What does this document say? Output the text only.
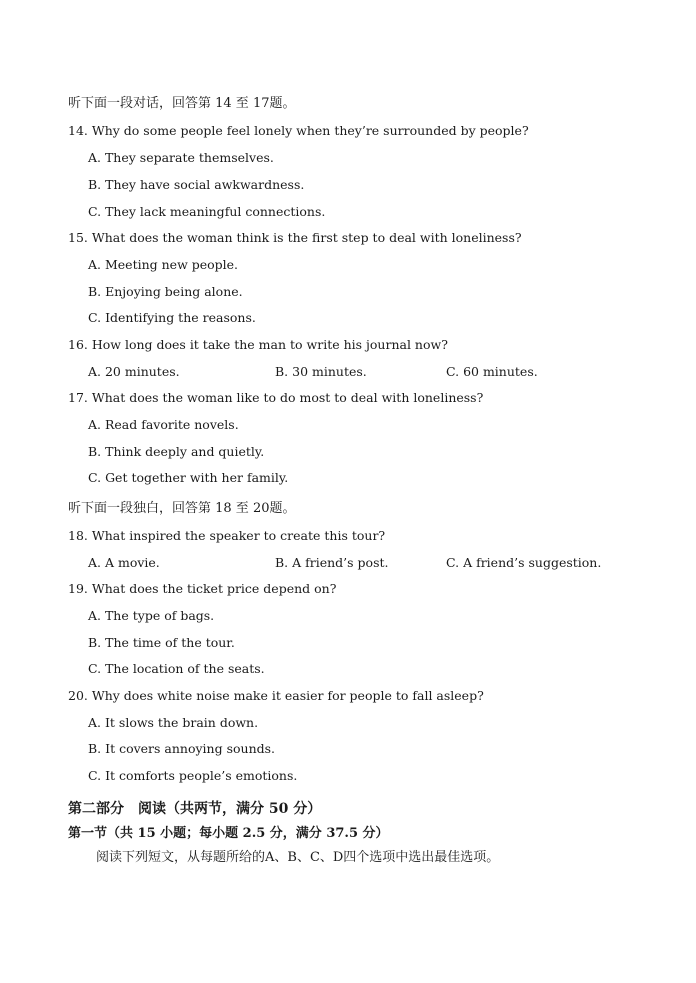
听下面一段对话，回答第 14 至 17题。
14. Why do some people feel lonely when they’re surrounded by people?
A. They separate themselves.
B. They have social awkwardness.
C. They lack meaningful connections.
15. What does the woman think is the first step to deal with loneliness?
A. Meeting new people.
B. Enjoying being alone.
C. Identifying the reasons.
16. How long does it take the man to write his journal now?
A. 20 minutes.	B. 30 minutes.	C. 60 minutes.
17. What does the woman like to do most to deal with loneliness?
A. Read favorite novels.
B. Think deeply and quietly.
C. Get together with her family.
听下面一段独白，回答第 18 至 20题。
18. What inspired the speaker to create this tour?
A. A movie.	B. A friend’s post.	C. A friend’s suggestion.
19. What does the ticket price depend on?
A. The type of bags.
B. The time of the tour.
C. The location of the seats.
20. Why does white noise make it easier for people to fall asleep?
A. It slows the brain down.
B. It covers annoying sounds.
C. It comforts people’s emotions.
第二部分　阅读（共两节，满分 50 分）
第一节（共 15 小题；每小题 2.5 分，满分 37.5 分）
阅读下列短文，从每题所给的A、B、C、D四个选项中选出最佳选项。
